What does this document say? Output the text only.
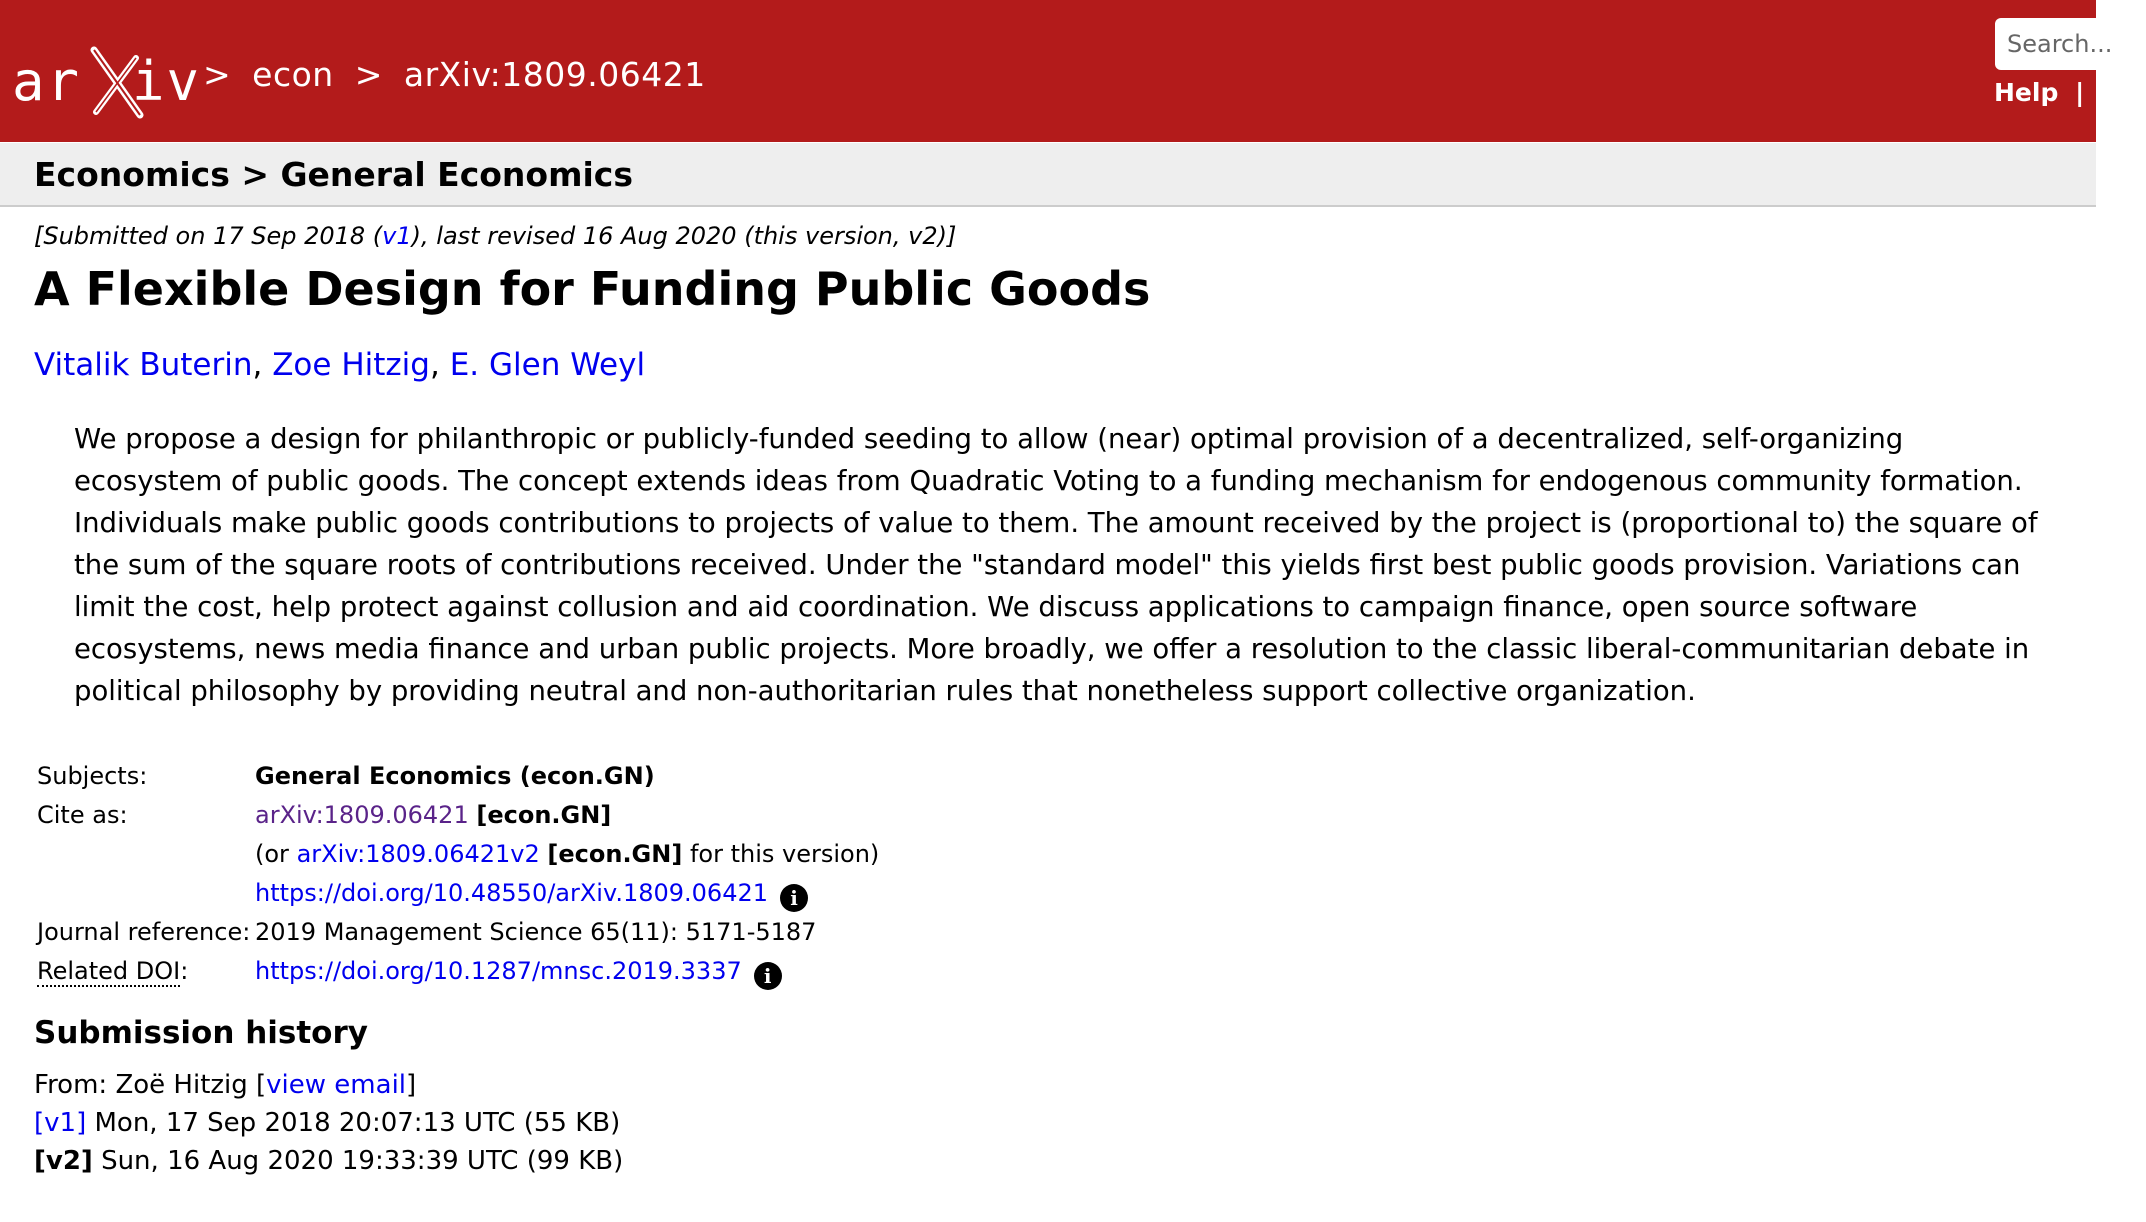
ar iv > econ > arXiv:1809.06421
Search...
Help | Ad
Economics > General Economics
[Submitted on 17 Sep 2018 (v1), last revised 16 Aug 2020 (this version, v2)]
A Flexible Design for Funding Public Goods
Vitalik Buterin, Zoe Hitzig, E. Glen Weyl
We propose a design for philanthropic or publicly-funded seeding to allow (near) optimal provision of a decentralized, self-organizing ecosystem of public goods. The concept extends ideas from Quadratic Voting to a funding mechanism for endogenous community formation. Individuals make public goods contributions to projects of value to them. The amount received by the project is (proportional to) the square of the sum of the square roots of contributions received. Under the "standard model" this yields first best public goods provision. Variations can limit the cost, help protect against collusion and aid coordination. We discuss applications to campaign finance, open source software ecosystems, news media finance and urban public projects. More broadly, we offer a resolution to the classic liberal-communitarian debate in political philosophy by providing neutral and non-authoritarian rules that nonetheless support collective organization.
Subjects:	General Economics (econ.GN)
Cite as:	arXiv:1809.06421 [econ.GN]
(or arXiv:1809.06421v2 [econ.GN] for this version)
https://doi.org/10.48550/arXiv.1809.06421 i
Journal reference: 2019 Management Science 65(11): 5171-5187
Related DOI:	https://doi.org/10.1287/mnsc.2019.3337 i
Submission history
From: Zoë Hitzig [view email]
[v1] Mon, 17 Sep 2018 20:07:13 UTC (55 KB)
[v2] Sun, 16 Aug 2020 19:33:39 UTC (99 KB)
